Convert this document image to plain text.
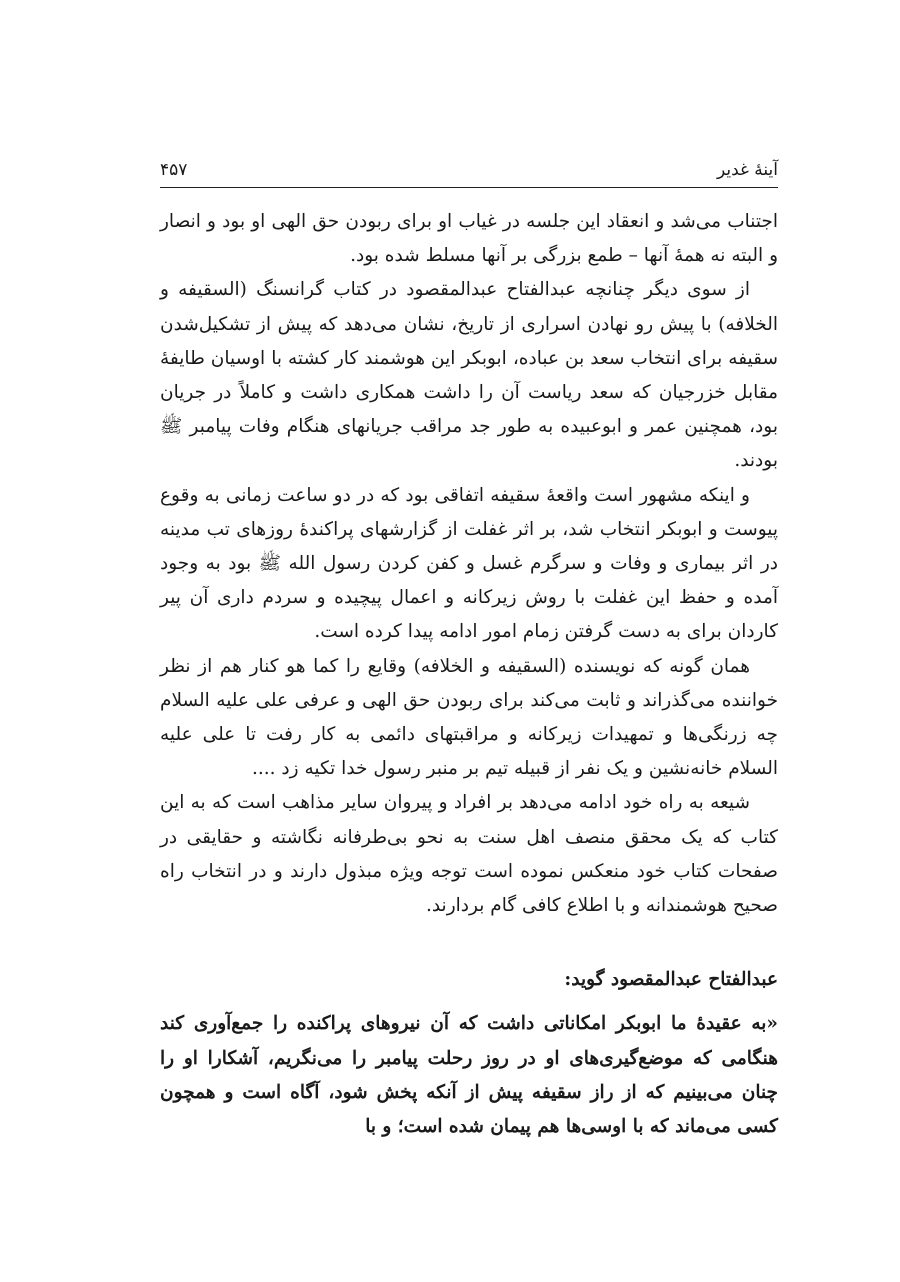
آینهٔ غدیر
۴۵۷

اجتناب می‌شد و انعقاد این جلسه در غیاب او برای ربودن حق الهی او بود و انصار و البته نه همهٔ آنها – طمع بزرگی بر آنها مسلط شده بود.

از سوی دیگر چنانچه عبدالفتاح عبدالمقصود در کتاب گرانسنگ (السقیفه و الخلافه) با پیش رو نهادن اسراری از تاریخ، نشان می‌دهد که پیش از تشکیل‌شدن سقیفه برای انتخاب سعد بن عباده، ابوبکر این هوشمند کار کشته با اوسیان طایفهٔ مقابل خزرجیان که سعد ریاست آن را داشت همکاری داشت و کاملاً در جریان بود، همچنین عمر و ابوعبیده به طور جد مراقب جریانهای هنگام وفات پیامبر ﷺ بودند.

و اینکه مشهور است واقعهٔ سقیفه اتفاقی بود که در دو ساعت زمانی به وقوع پیوست و ابوبکر انتخاب شد، بر اثر غفلت از گزارشهای پراکندهٔ روزهای تب مدینه در اثر بیماری و وفات و سرگرم غسل و کفن کردن رسول الله ﷺ بود به وجود آمده و حفظ این غفلت با روش زیرکانه و اعمال پیچیده و سردم داری آن پیر کاردان برای به دست گرفتن زمام امور ادامه پیدا کرده است.

همان گونه که نویسنده (السقیفه و الخلافه) وقایع را کما هو کنار هم از نظر خواننده می‌گذراند و ثابت می‌کند برای ربودن حق الهی و عرفی علی علیه السلام چه زرنگی‌ها و تمهیدات زیرکانه و مراقبتهای دائمی به کار رفت تا علی علیه السلام خانه‌نشین و یک نفر از قبیله تیم بر منبر رسول خدا تکیه زد ....

شیعه به راه خود ادامه می‌دهد بر افراد و پیروان سایر مذاهب است که به این کتاب که یک محقق منصف اهل سنت به نحو بی‌طرفانه نگاشته و حقایقی در صفحات کتاب خود منعکس نموده است توجه ویژه مبذول دارند و در انتخاب راه صحیح هوشمندانه و با اطلاع کافی گام بردارند.

عبدالفتاح عبدالمقصود گوید:

«به عقیدهٔ ما ابوبکر امکاناتی داشت که آن نیروهای پراکنده را جمع‌آوری کند هنگامی که موضع‌گیری‌های او در روز رحلت پیامبر را می‌نگریم، آشکارا او را چنان می‌بینیم که از راز سقیفه پیش از آنکه پخش شود، آگاه است و همچون کسی می‌ماند که با اوسی‌ها هم پیمان شده است؛ و با
